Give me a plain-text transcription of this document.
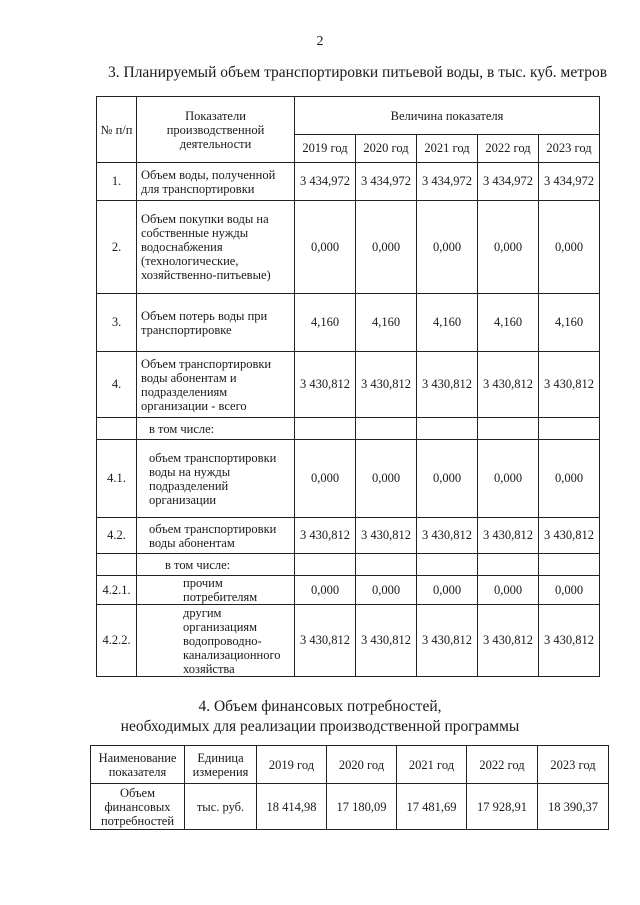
2
3. Планируемый объем транспортировки питьевой воды, в тыс. куб. метров
№ п/п	Показатели производственной деятельности	Величина показателя				
		2019 год	2020 год	2021 год	2022 год	2023 год
1.	Объем воды, полученной для транспортировки	3 434,972	3 434,972	3 434,972	3 434,972	3 434,972
2.	Объем покупки воды на собственные нужды водоснабжения (технологические, хозяйственно-питьевые)	0,000	0,000	0,000	0,000	0,000
3.	Объем потерь воды при транспортировке	4,160	4,160	4,160	4,160	4,160
4.	Объем транспортировки воды абонентам и подразделениям организации - всего	3 430,812	3 430,812	3 430,812	3 430,812	3 430,812
	в том числе:					
4.1.	объем транспортировки воды на нужды подразделений организации	0,000	0,000	0,000	0,000	0,000
4.2.	объем транспортировки воды абонентам	3 430,812	3 430,812	3 430,812	3 430,812	3 430,812
	в том числе:					
4.2.1.	прочим потребителям	0,000	0,000	0,000	0,000	0,000
4.2.2.	другим организациям водопроводно-канализационного хозяйства	3 430,812	3 430,812	3 430,812	3 430,812	3 430,812
4. Объем финансовых потребностей,
необходимых для реализации производственной программы
Наименование показателя	Единица измерения	2019 год	2020 год	2021 год	2022 год	2023 год
Объем финансовых потребностей	тыс. руб.	18 414,98	17 180,09	17 481,69	17 928,91	18 390,37
